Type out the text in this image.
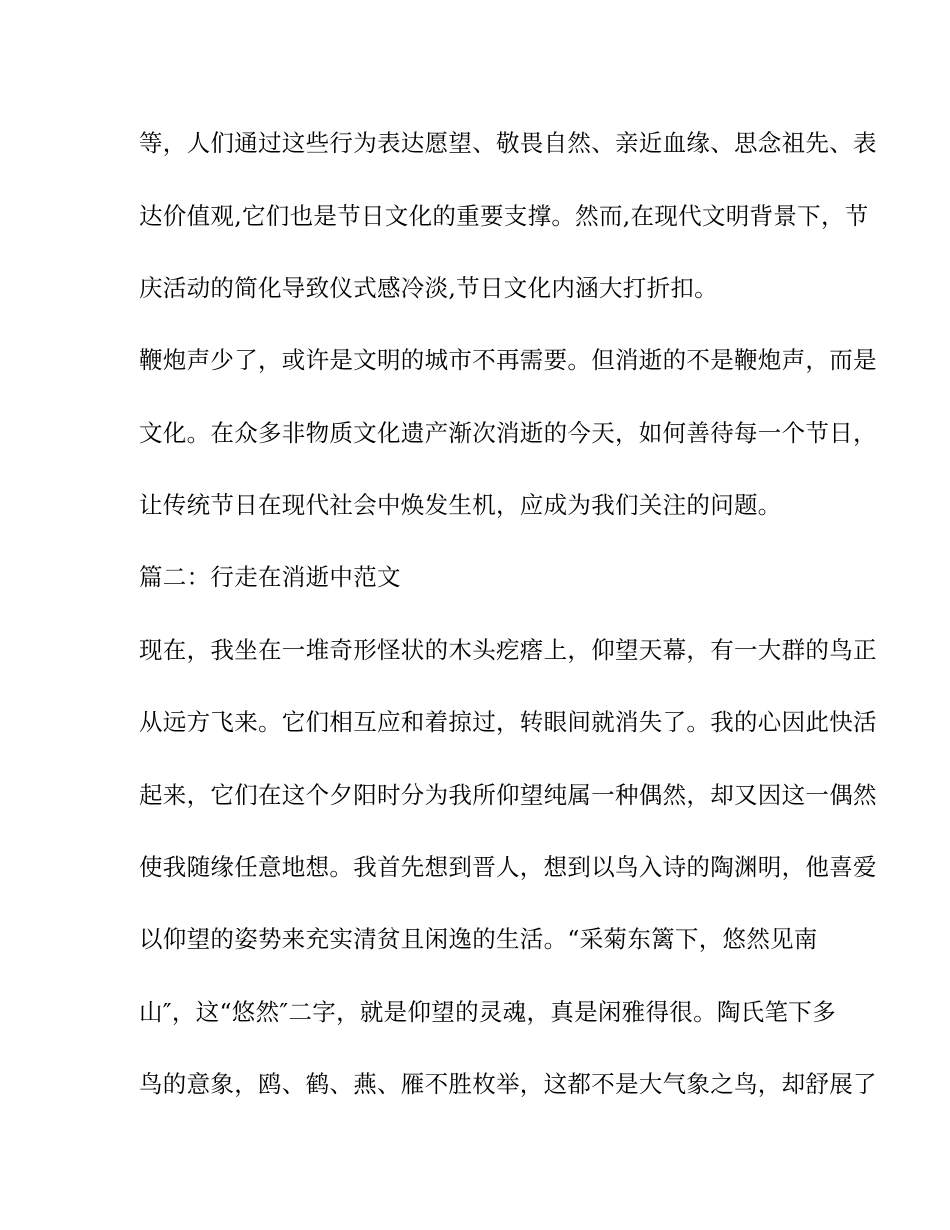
等，人们通过这些行为表达愿望、敬畏自然、亲近血缘、思念祖先、表
达价值观,它们也是节日文化的重要支撑。然而,在现代文明背景下，节
庆活动的简化导致仪式感冷淡,节日文化内涵大打折扣。
鞭炮声少了，或许是文明的城市不再需要。但消逝的不是鞭炮声，而是
文化。在众多非物质文化遗产渐次消逝的今天，如何善待每一个节日，
让传统节日在现代社会中焕发生机，应成为我们关注的问题。
篇二：行走在消逝中范文
现在，我坐在一堆奇形怪状的木头疙瘩上，仰望天幕，有一大群的鸟正
从远方飞来。它们相互应和着掠过，转眼间就消失了。我的心因此快活
起来，它们在这个夕阳时分为我所仰望纯属一种偶然，却又因这一偶然
使我随缘任意地想。我首先想到晋人，想到以鸟入诗的陶渊明，他喜爱
以仰望的姿势来充实清贫且闲逸的生活。“采菊东篱下，悠然见南
山″，这“悠然″二字，就是仰望的灵魂，真是闲雅得很。陶氏笔下多
鸟的意象，鸥、鹤、燕、雁不胜枚举，这都不是大气象之鸟，却舒展了
